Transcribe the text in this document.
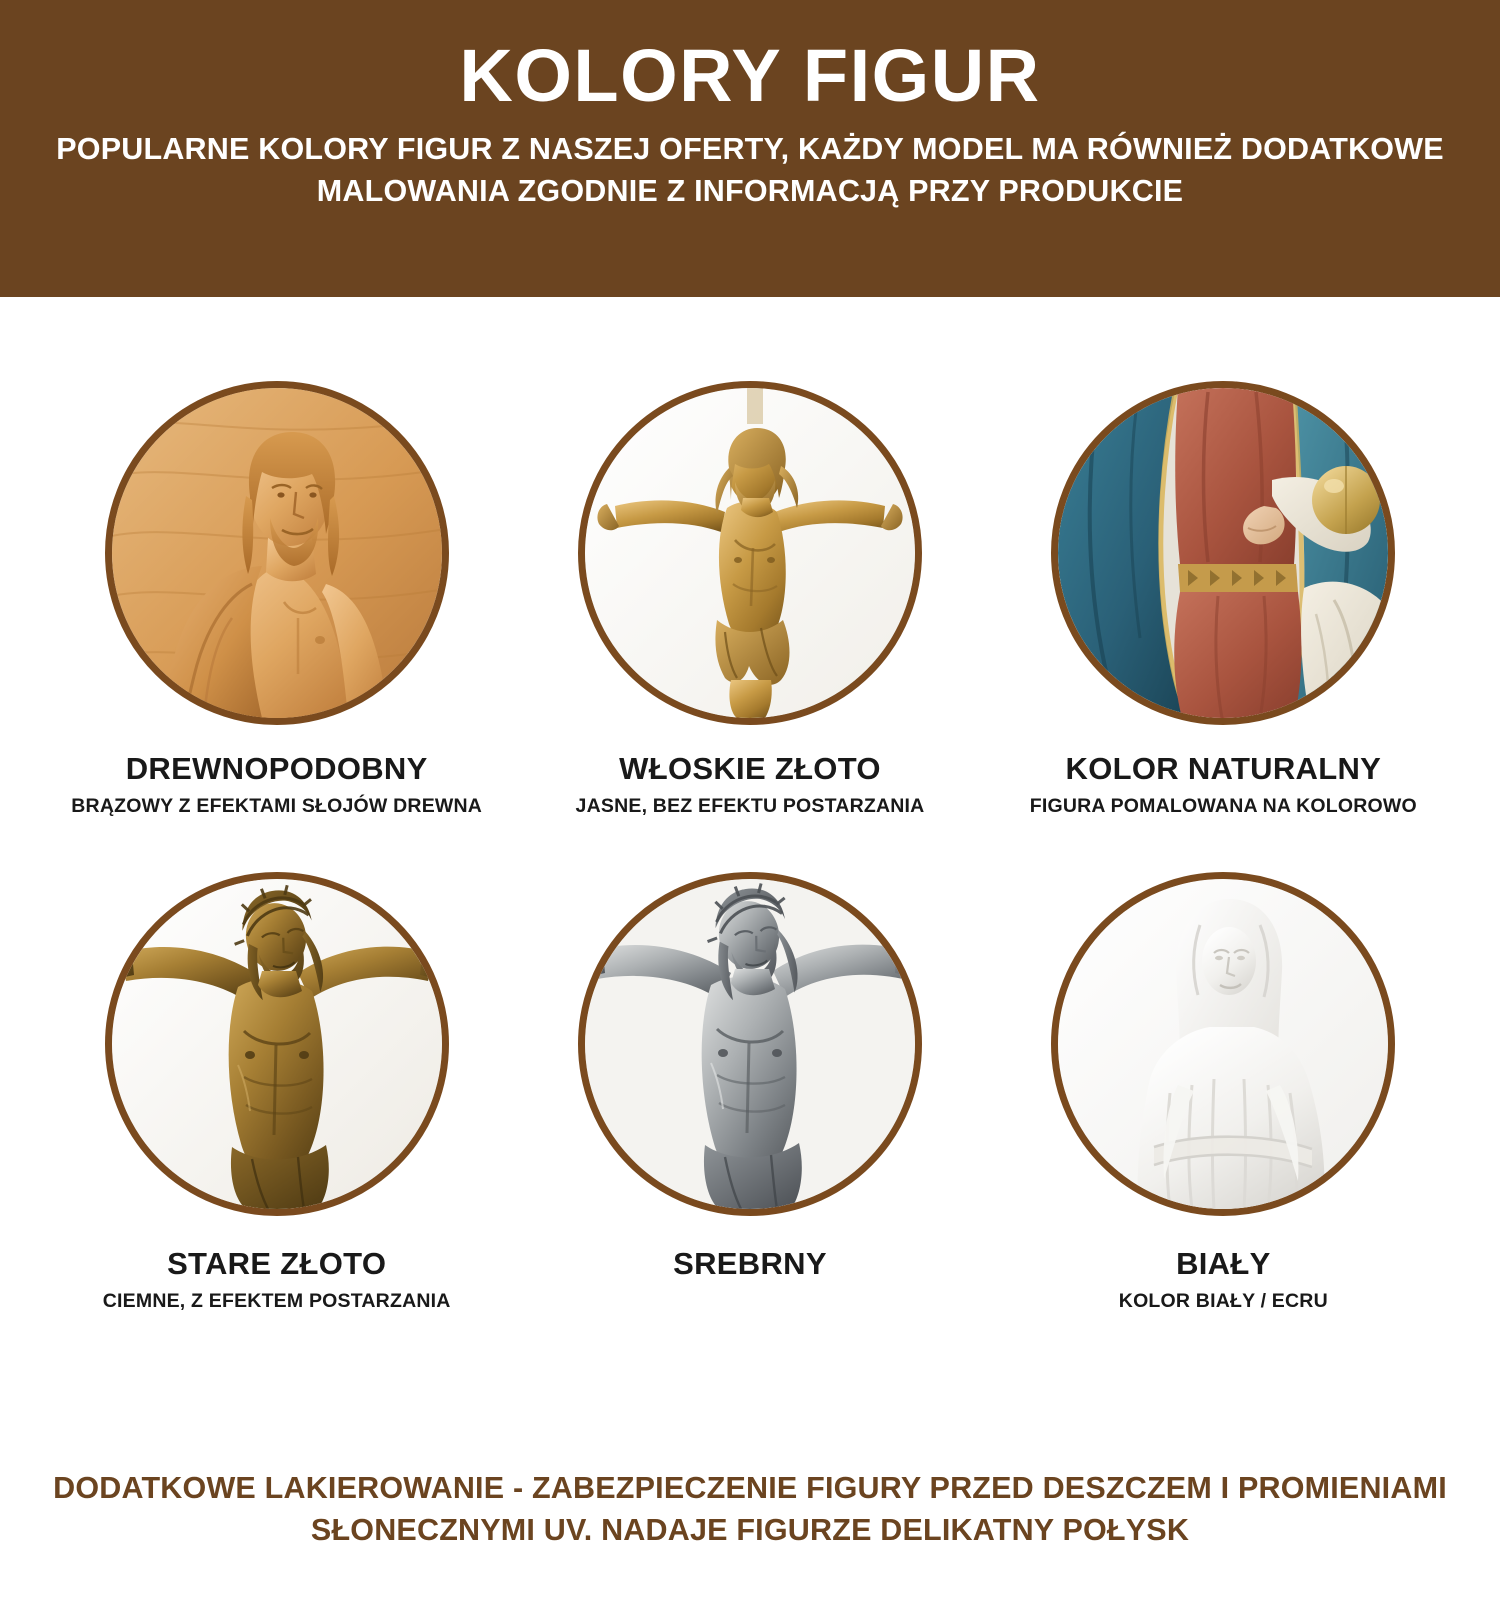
KOLORY FIGUR

POPULARNE KOLORY FIGUR Z NASZEJ OFERTY, KAŻDY MODEL MA RÓWNIEŻ DODATKOWE MALOWANIA ZGODNIE Z INFORMACJĄ PRZY PRODUKCIE

DREWNOPODOBNY
BRĄZOWY Z EFEKTAMI SŁOJÓW DREWNA
WŁOSKIE ZŁOTO
JASNE, BEZ EFEKTU POSTARZANIA
KOLOR NATURALNY
FIGURA POMALOWANA NA KOLOROWO
STARE ZŁOTO
CIEMNE, Z EFEKTEM POSTARZANIA
SREBRNY	BIAŁY
KOLOR BIAŁY / ECRU
DODATKOWE LAKIEROWANIE - ZABEZPIECZENIE FIGURY PRZED DESZCZEM I PROMIENIAMI SŁONECZNYMI UV. NADAJE FIGURZE DELIKATNY POŁYSK
